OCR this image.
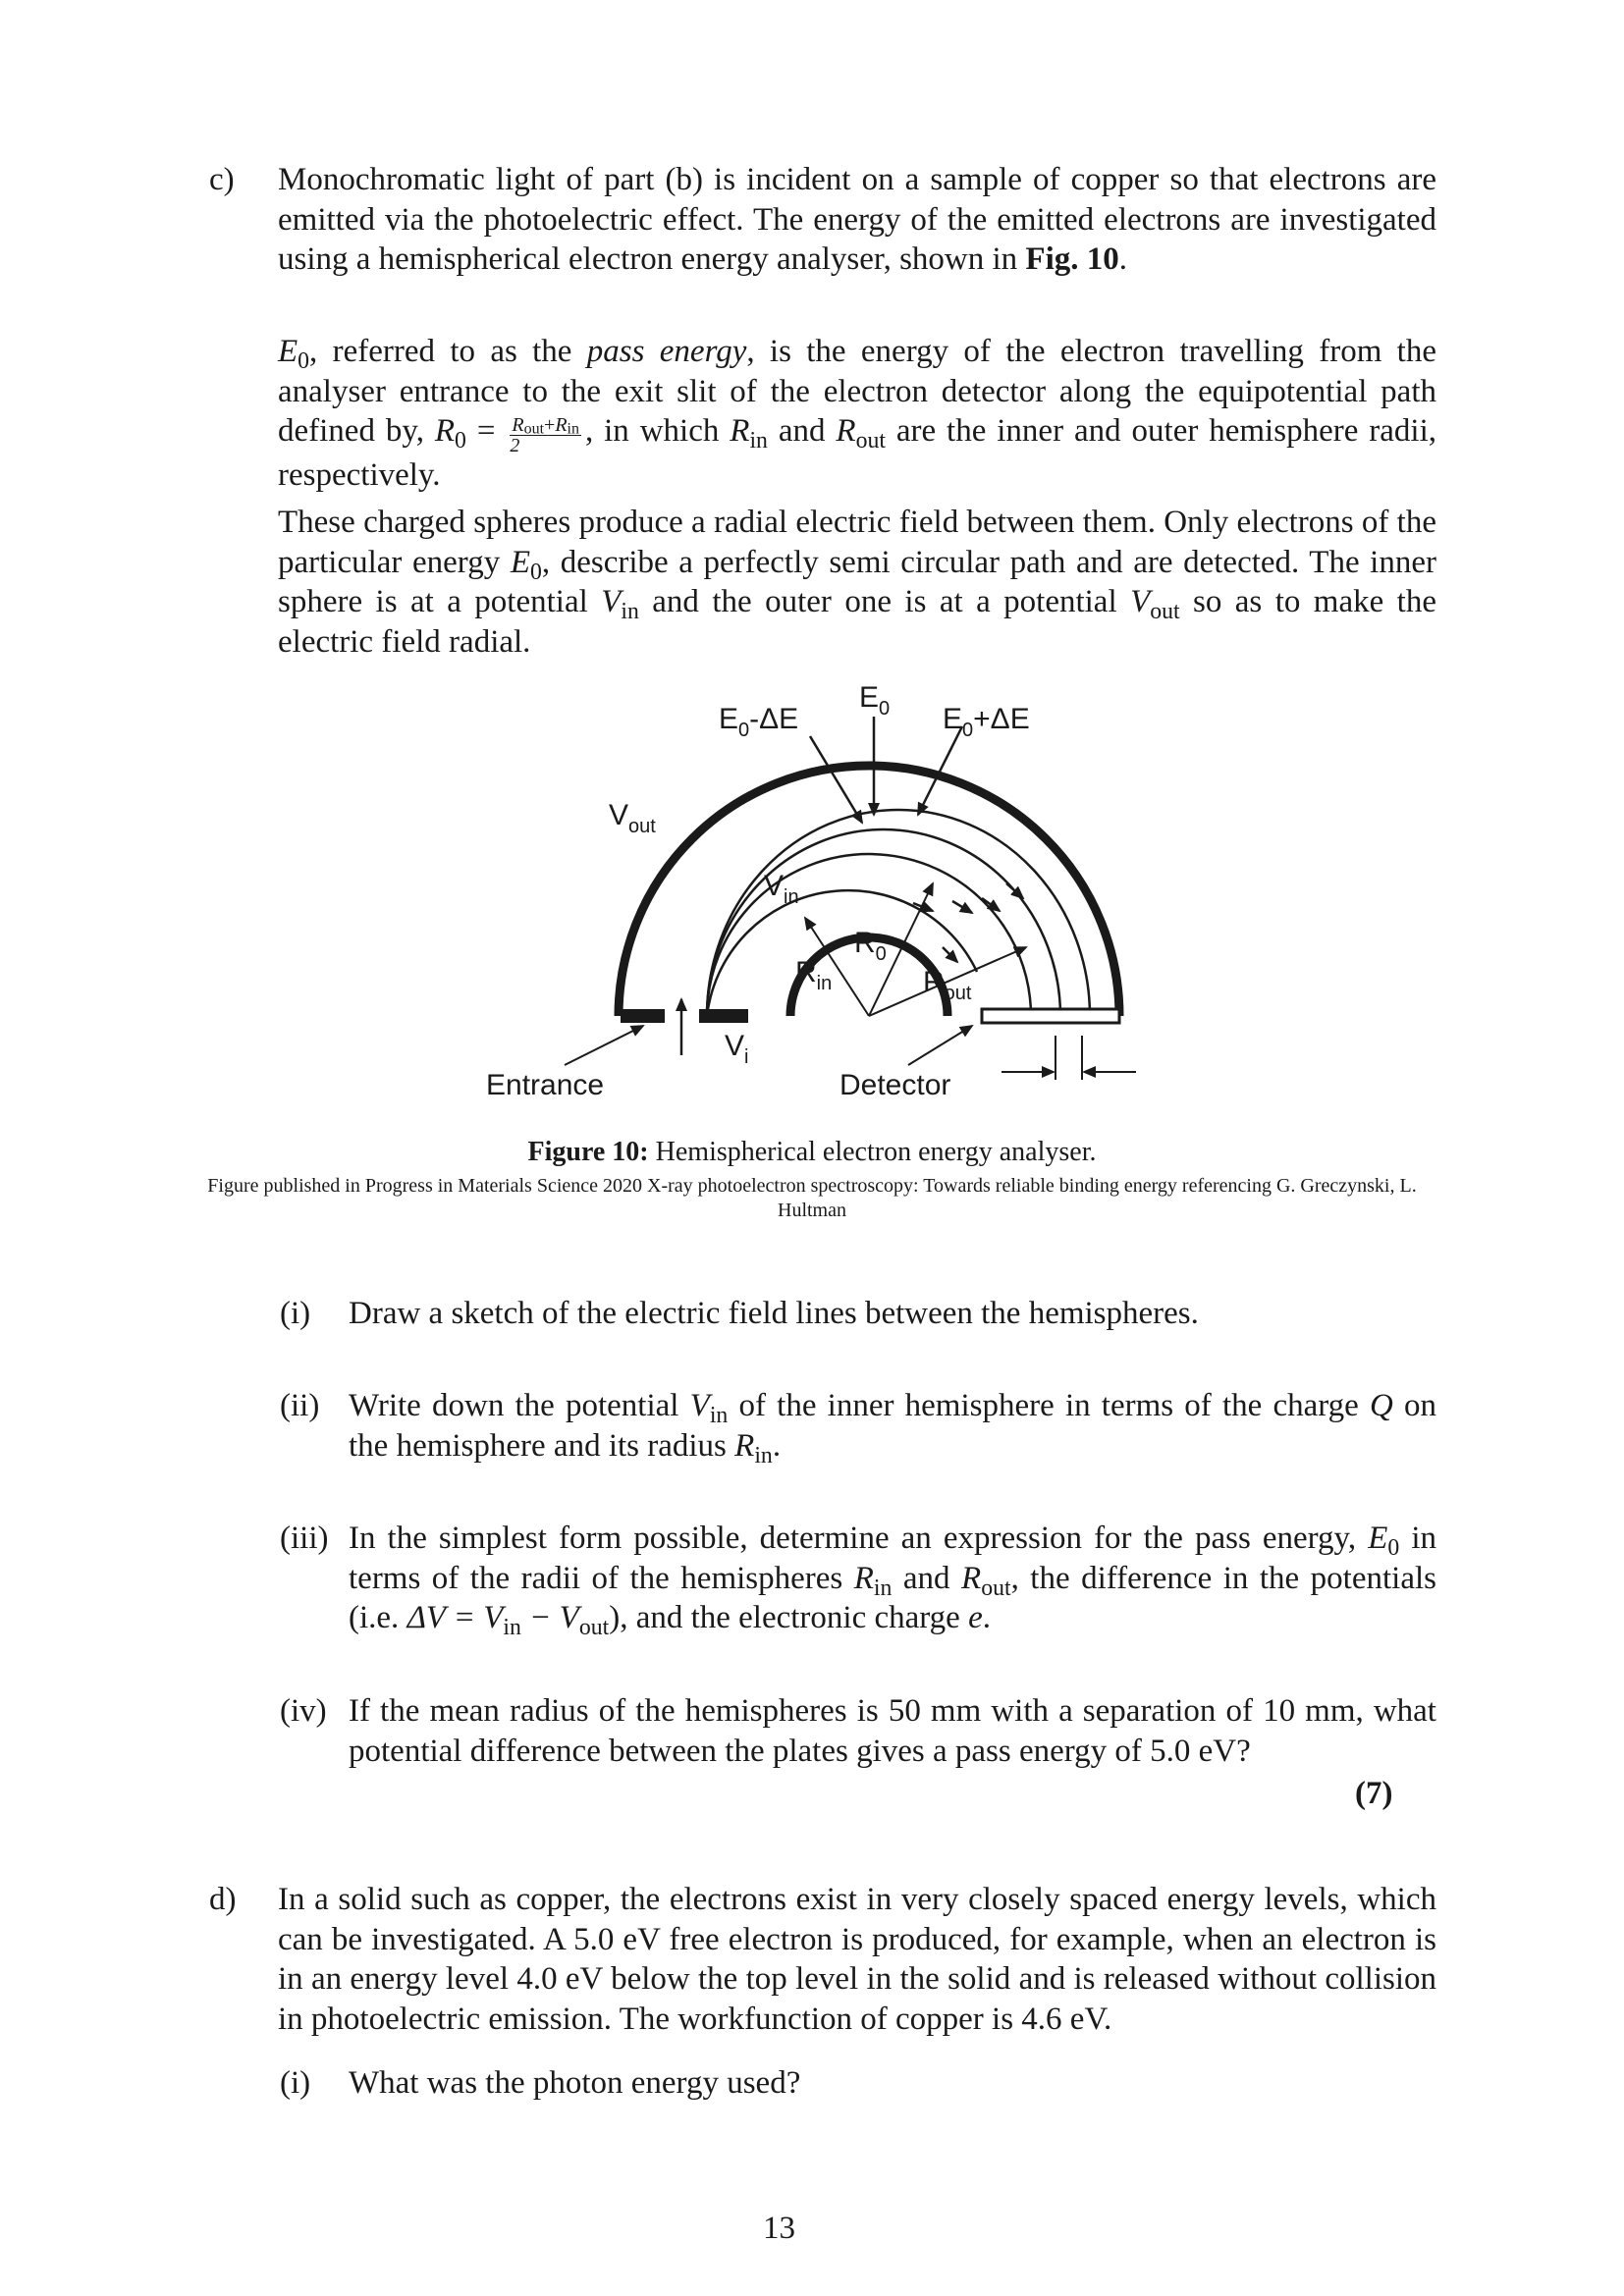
c)	Monochromatic light of part (b) is incident on a sample of copper so that electrons are emitted via the photoelectric effect. The energy of the emitted electrons are investigated using a hemispherical electron energy analyser, shown in Fig. 10.
$E_0$, referred to as the pass energy, is the energy of the electron travelling from the analyser entrance to the exit slit of the electron detector along the equipotential path defined by, $R_0 = \frac{R_{out}+R_{in}}{2}$ , in which $R_{in}$ and $R_{out}$ are the inner and outer hemisphere radii, respectively.
These charged spheres produce a radial electric field between them. Only electrons of the particular energy $E_0$, describe a perfectly semi circular path and are detected. The inner sphere is at a potential $V_{in}$ and the outer one is at a potential $V_{out}$ so as to make the electric field radial.
$E_0-\Delta E$
$E_0$ $E_0+\Delta E$
$V_{out}$
$V_{in}$
$R_0$
$R_{in}$	$R_{out}$
$V_i$
Entrance	Detector
Figure 10: Hemispherical electron energy analyser.
Figure published in Progress in Materials Science 2020 X-ray photoelectron spectroscopy: Towards reliable binding energy referencing G. Greczynski, L. Hultman
(i)	Draw a sketch of the electric field lines between the hemispheres.
(ii) Write down the potential $V_{in}$ of the inner hemisphere in terms of the charge Q on the hemisphere and its radius $R_{in}$.
(iii) In the simplest form possible, determine an expression for the pass energy, $E_0$ in terms of the radii of the hemispheres $R_{in}$ and $R_{out}$, the difference in the potentials (i.e. $\Delta V = V_{in} - V_{out}$), and the electronic charge e.
(iv) If the mean radius of the hemispheres is 50 mm with a separation of 10 mm, what potential difference between the plates gives a pass energy of 5.0 eV?
(7)
d)	In a solid such as copper, the electrons exist in very closely spaced energy levels, which can be investigated. A 5.0 eV free electron is produced, for example, when an electron is in an energy level 4.0 eV below the top level in the solid and is released without collision in photoelectric emission. The workfunction of copper is 4.6 eV.
(i)	What was the photon energy used?
13
